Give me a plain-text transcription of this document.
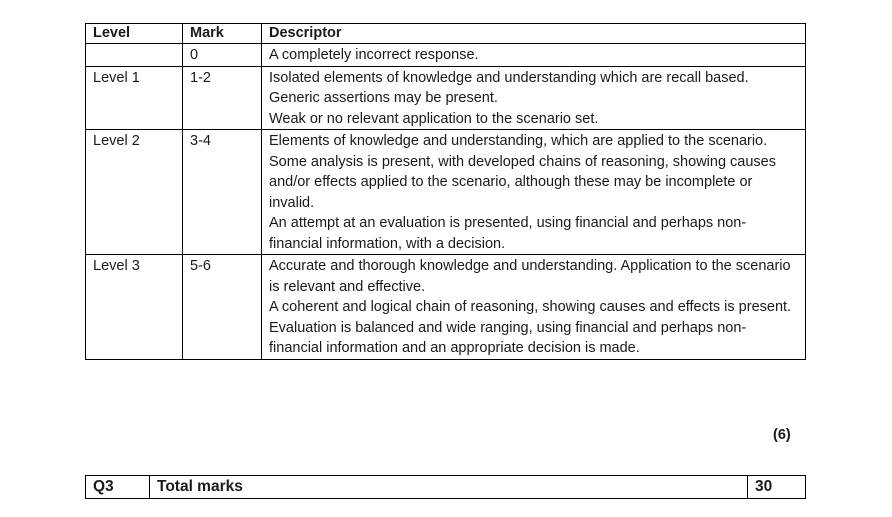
Level	Mark	Descriptor
	0	A completely incorrect response.

Level 1	1-2	Isolated elements of knowledge and understanding which are recall based.
Generic assertions may be present.
Weak or no relevant application to the scenario set.

Level 2	3-4	Elements of knowledge and understanding, which are applied to the scenario.
Some analysis is present, with developed chains of reasoning, showing causes and/or effects applied to the scenario, although these may be incomplete or invalid.
An attempt at an evaluation is presented, using financial and perhaps non-financial information, with a decision.

Level 3	5-6	Accurate and thorough knowledge and understanding. Application to the scenario is relevant and effective.
A coherent and logical chain of reasoning, showing causes and effects is present.
Evaluation is balanced and wide ranging, using financial and perhaps non-financial information and an appropriate decision is made.
(6)
Q3	Total marks	30
